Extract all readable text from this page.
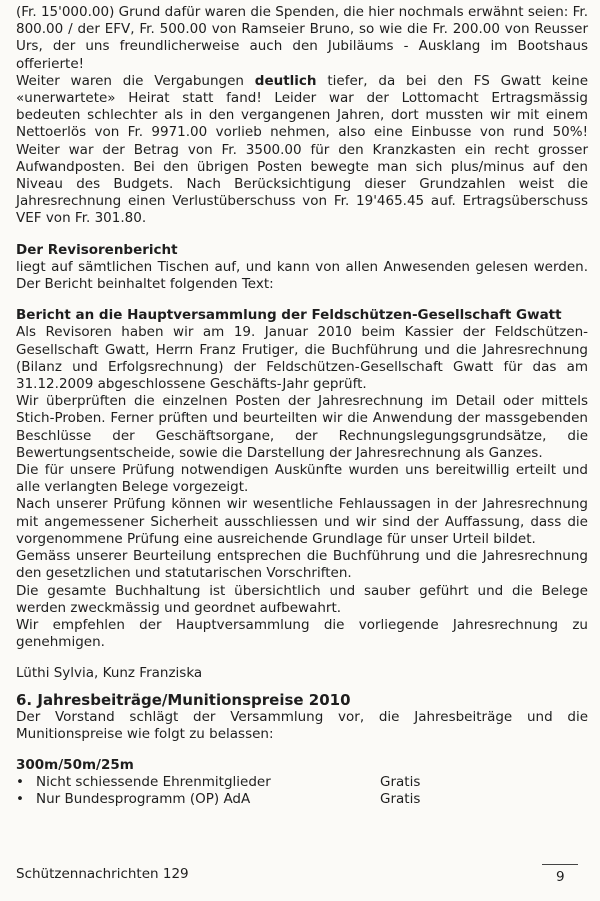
(Fr. 15'000.00) Grund dafür waren die Spenden, die hier nochmals erwähnt seien: Fr. 800.00 / der EFV, Fr. 500.00 von Ramseier Bruno, so wie die Fr. 200.00 von Reusser Urs, der uns freundlicherweise auch den Jubiläums - Ausklang im Bootshaus offerierte!

Weiter waren die Vergabungen deutlich tiefer, da bei den FS Gwatt keine «unerwartete» Heirat statt fand! Leider war der Lottomacht Ertragsmässig bedeuten schlechter als in den vergangenen Jahren, dort mussten wir mit einem Nettoerlös von Fr. 9971.00 vorlieb nehmen, also eine Einbusse von rund 50%! Weiter war der Betrag von Fr. 3500.00 für den Kranzkasten ein recht grosser Aufwandposten. Bei den übrigen Posten bewegte man sich plus/minus auf den Niveau des Budgets. Nach Berücksichtigung dieser Grundzahlen weist die Jahresrechnung einen Verlustüberschuss von Fr. 19'465.45 auf. Ertragsüberschuss VEF von Fr. 301.80.

Der Revisorenbericht

liegt auf sämtlichen Tischen auf, und kann von allen Anwesenden gelesen werden. Der Bericht beinhaltet folgenden Text:

Bericht an die Hauptversammlung der Feldschützen-Gesellschaft Gwatt

Als Revisoren haben wir am 19. Januar 2010 beim Kassier der Feldschützen-Gesellschaft Gwatt, Herrn Franz Frutiger, die Buchführung und die Jahresrechnung (Bilanz und Erfolgsrechnung) der Feldschützen-Gesellschaft Gwatt für das am 31.12.2009 abgeschlossene Geschäfts-Jahr geprüft.

Wir überprüften die einzelnen Posten der Jahresrechnung im Detail oder mittels Stich-Proben. Ferner prüften und beurteilten wir die Anwendung der massgebenden Beschlüsse der Geschäftsorgane, der Rechnungslegungsgrundsätze, die Bewertungsentscheide, sowie die Darstellung der Jahresrechnung als Ganzes.

Die für unsere Prüfung notwendigen Auskünfte wurden uns bereitwillig erteilt und alle verlangten Belege vorgezeigt.

Nach unserer Prüfung können wir wesentliche Fehlaussagen in der Jahresrechnung mit angemessener Sicherheit ausschliessen und wir sind der Auffassung, dass die vorgenommene Prüfung eine ausreichende Grundlage für unser Urteil bildet.

Gemäss unserer Beurteilung entsprechen die Buchführung und die Jahresrechnung den gesetzlichen und statutarischen Vorschriften.

Die gesamte Buchhaltung ist übersichtlich und sauber geführt und die Belege werden zweckmässig und geordnet aufbewahrt.

Wir empfehlen der Hauptversammlung die vorliegende Jahresrechnung zu genehmigen.

Lüthi Sylvia, Kunz Franziska

6. Jahresbeiträge/Munitionspreise 2010

Der Vorstand schlägt der Versammlung vor, die Jahresbeiträge und die Munitionspreise wie folgt zu belassen:

300m/50m/25m

• Nicht schiessende Ehrenmitglieder	Gratis
• Nur Bundesprogramm (OP) AdA	Gratis
Schützennachrichten 129	9
